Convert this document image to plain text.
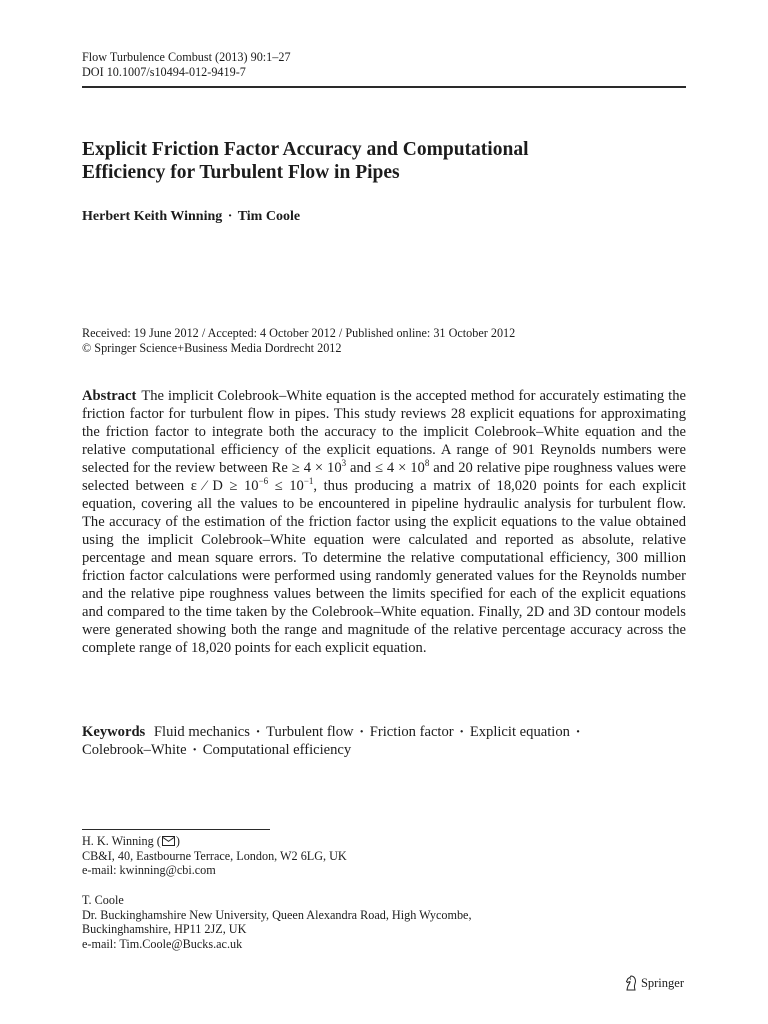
Flow Turbulence Combust (2013) 90:1–27
DOI 10.1007/s10494-012-9419-7
Explicit Friction Factor Accuracy and Computational
Efficiency for Turbulent Flow in Pipes
Herbert Keith Winning · Tim Coole
Received: 19 June 2012 / Accepted: 4 October 2012 / Published online: 31 October 2012
© Springer Science+Business Media Dordrecht 2012

Abstract The implicit Colebrook–White equation is the accepted method for accurately estimating the friction factor for turbulent flow in pipes. This study reviews 28 explicit equations for approximating the friction factor to integrate both the accuracy to the implicit Colebrook–White equation and the relative computational efficiency of the explicit equations. A range of 901 Reynolds numbers were selected for the review between $Re \ge 4 \times 10^3$ and ≤ $4 \times 10^8$ and 20 relative pipe roughness values were selected between ε ⁄ $D \ge 10^{-6} \le 10^{-1}$, thus producing a matrix of 18,020 points for each explicit equation, covering all the values to be encountered in pipeline hydraulic analysis for turbulent flow. The accuracy of the estimation of the friction factor using the explicit equations to the value obtained using the implicit Colebrook–White equation were calculated and reported as absolute, relative percentage and mean square errors. To determine the relative computational efficiency, 300 million friction factor calculations were performed using randomly generated values for the Reynolds number and the relative pipe roughness values between the limits specified for each of the explicit equations and compared to the time taken by the Colebrook–White equation. Finally, 2D and 3D contour models were generated showing both the range and magnitude of the relative percentage accuracy across the complete range of 18,020 points for each explicit equation.

Keywords Fluid mechanics · Turbulent flow · Friction factor · Explicit equation ·
Colebrook–White · Computational efficiency
H. K. Winning ( )
CB&I, 40, Eastbourne Terrace, London, W2 6LG, UK
e-mail: kwinning@cbi.com
T. Coole
Dr. Buckinghamshire New University, Queen Alexandra Road, High Wycombe,
Buckinghamshire, HP11 2JZ, UK
e-mail: Tim.Coole@Bucks.ac.uk
Springer
